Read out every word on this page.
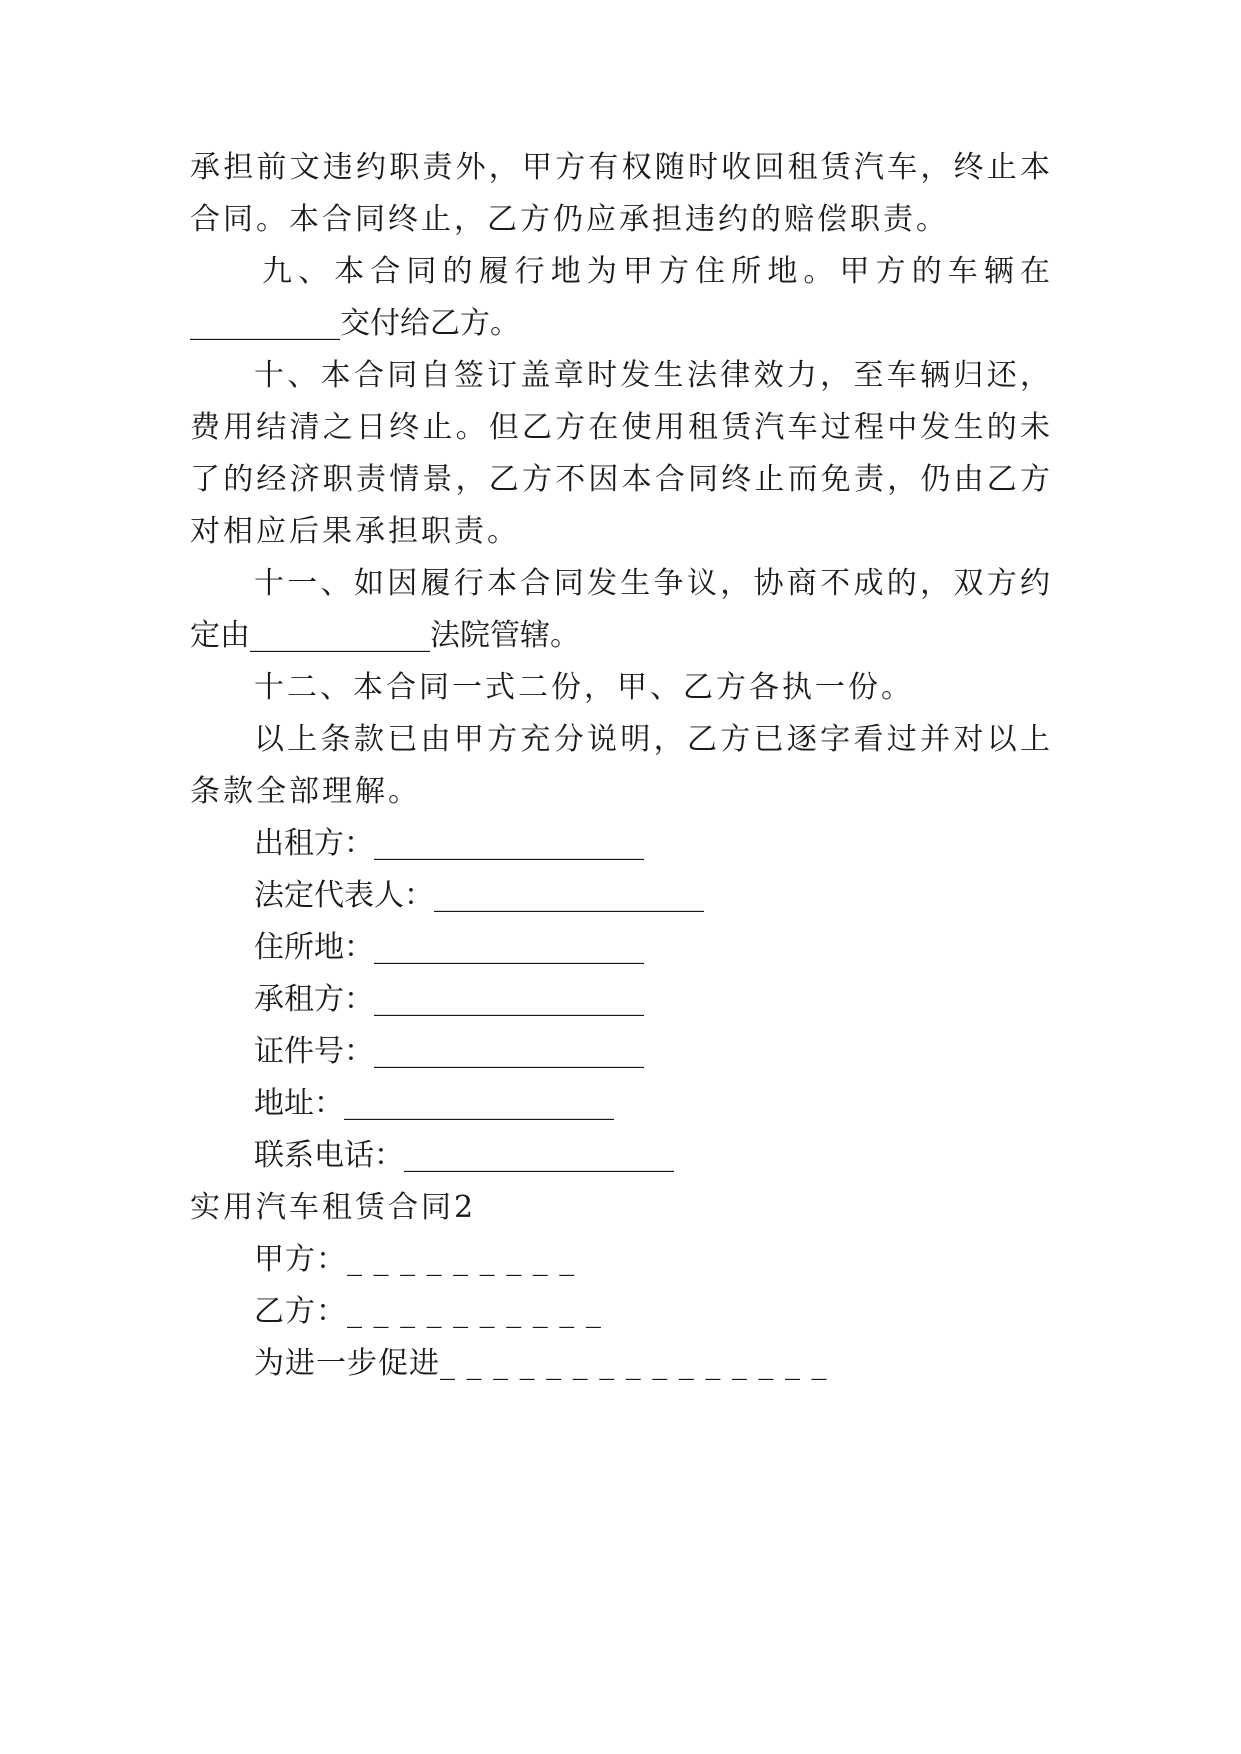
承担前文违约职责外，甲方有权随时收回租赁汽车，终止本
合同。本合同终止，乙方仍应承担违约的赔偿职责。
九、本合同的履行地为甲方住所地。甲方的车辆在
__________交付给乙方。
十、本合同自签订盖章时发生法律效力，至车辆归还，
费用结清之日终止。但乙方在使用租赁汽车过程中发生的未
了的经济职责情景，乙方不因本合同终止而免责，仍由乙方
对相应后果承担职责。
十一、如因履行本合同发生争议，协商不成的，双方约
定由____________法院管辖。
十二、本合同一式二份，甲、乙方各执一份。
以上条款已由甲方充分说明，乙方已逐字看过并对以上
条款全部理解。
出租方：__________________
法定代表人：__________________
住所地：__________________
承租方：__________________
证件号：__________________
地址：__________________
联系电话：__________________
实用汽车租赁合同2
甲方：_ _ _ _ _ _ _ _ _
乙方：_ _ _ _ _ _ _ _ _ _
为进一步促进_ _ _ _ _ _ _ _ _ _ _ _ _ _ _
